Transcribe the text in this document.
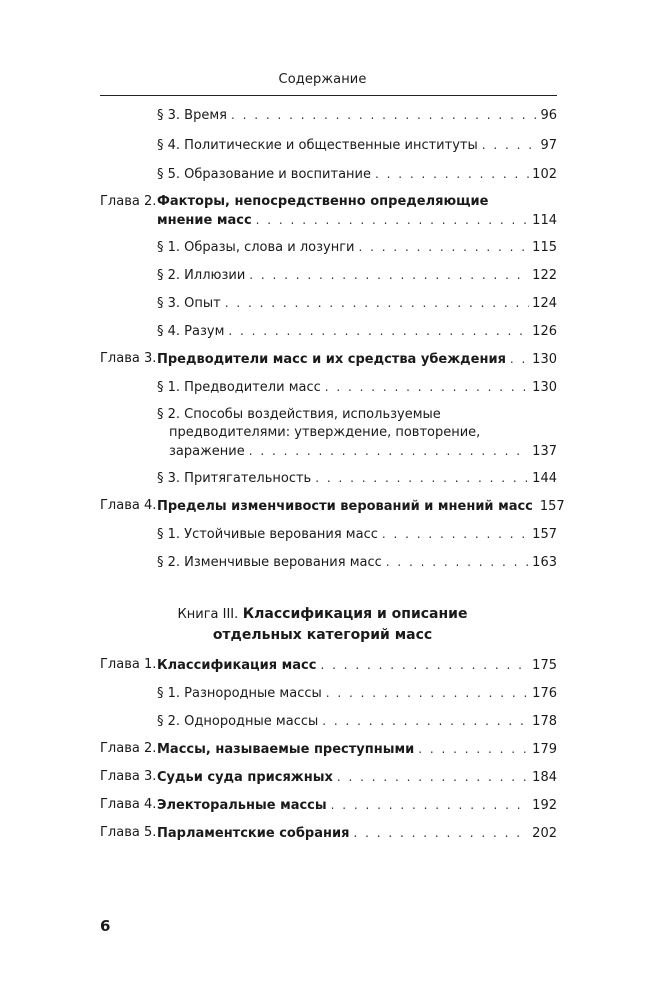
Содержание
§ 3. Время . . .	96
§ 4. Политические и общественные институты . . .	97
§ 5. Образование и воспитание . . .	102
Глава 2. Факторы, непосредственно определяющие
мнение масс . . .	114
§ 1. Образы, слова и лозунги . . .	115
§ 2. Иллюзии . . .	122
§ 3. Опыт . . .	124
§ 4. Разум . . .	126
Глава 3. Предводители масс и их средства убеждения . . . 130
§ 1. Предводители масс . . .	130
§ 2. Способы воздействия, используемые
предводителями: утверждение, повторение,
заражение . . .	137
§ 3. Притягательность . . .	144
Глава 4. Пределы изменчивости верований и мнений масс 157
§ 1. Устойчивые верования масс . . .	157
§ 2. Изменчивые верования масс . . .	163
Книга III. Классификация и описание
отдельных категорий масс
Глава 1. Классификация масс . . .	175
§ 1. Разнородные массы . . .	176
§ 2. Однородные массы . . .	178
Глава 2. Массы, называемые преступными . . .	179
Глава 3. Судьи суда присяжных . . .	184
Глава 4. Электоральные массы . . .	192
Глава 5. Парламентские собрания . . .	202
6
